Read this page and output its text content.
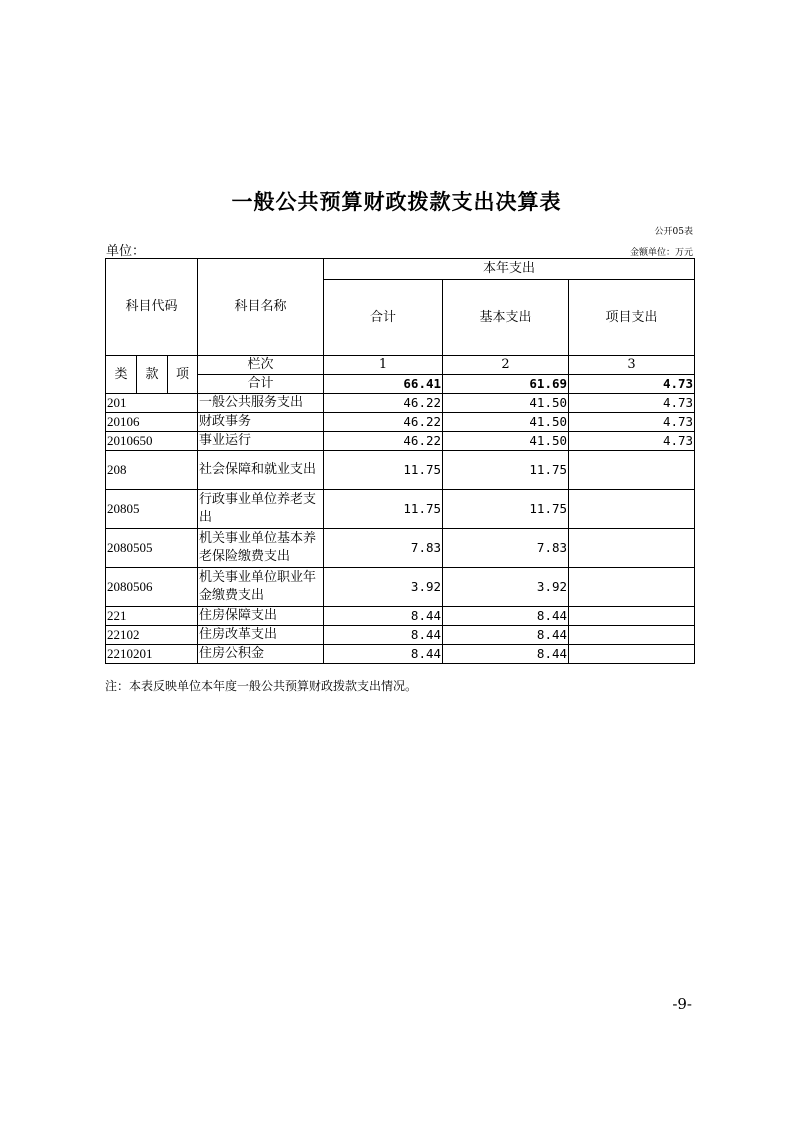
一般公共预算财政拨款支出决算表
公开05表
单位：	金额单位：万元
科目代码			科目名称	本年支出		
				合计	基本支出	项目支出
类	款	项	栏次	1	2	3
			合计	66.41	61.69	4.73
201			一般公共服务支出	46.22	41.50	4.73
20106			财政事务	46.22	41.50	4.73
2010650			事业运行	46.22	41.50	4.73
208			社会保障和就业支出	11.75	11.75	
20805			行政事业单位养老支出	11.75	11.75	
2080505			机关事业单位基本养老保险缴费支出	7.83	7.83	
2080506			机关事业单位职业年金缴费支出	3.92	3.92	
221			住房保障支出	8.44	8.44	
22102			住房改革支出	8.44	8.44	
2210201			住房公积金	8.44	8.44	
注：本表反映单位本年度一般公共预算财政拨款支出情况。
-9-
